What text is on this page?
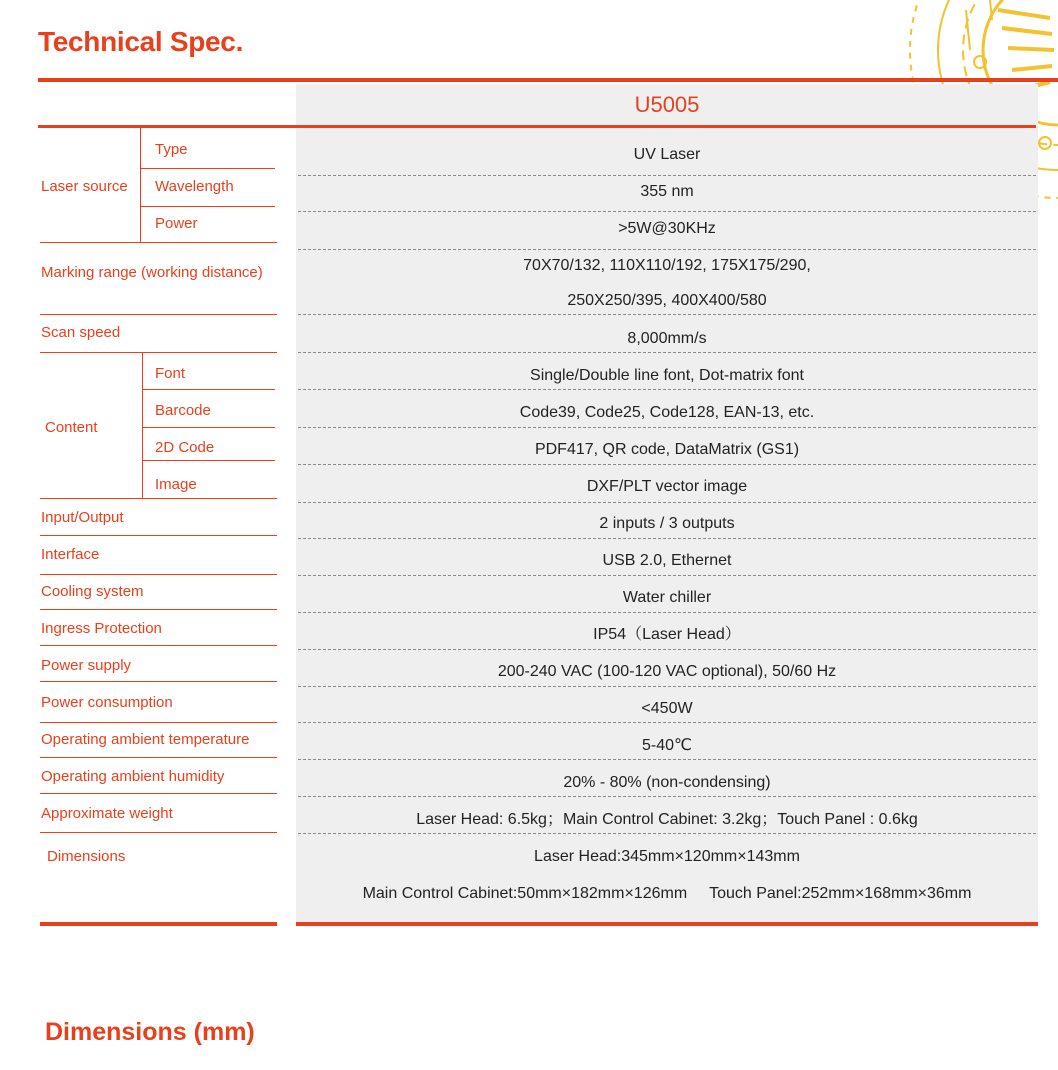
Technical Spec.
U5005
Laser source
Type
Wavelength
Power
Marking range (working distance)
Scan speed
Content
Font
Barcode
2D Code
Image
Input/Output
Interface
Cooling system
Ingress Protection
Power supply
Power consumption
Operating ambient temperature
Operating ambient humidity
Approximate weight
Dimensions
UV Laser
355 nm
>5W@30KHz
70X70/132, 110X110/192, 175X175/290,
250X250/395, 400X400/580
8,000mm/s
Single/Double line font, Dot-matrix font
Code39, Code25, Code128, EAN-13, etc.
PDF417, QR code, DataMatrix (GS1)
DXF/PLT vector image
2 inputs / 3 outputs
USB 2.0, Ethernet
Water chiller
IP54（Laser Head）
200-240 VAC (100-120 VAC optional), 50/60 Hz
<450W
5-40℃
20% - 80% (non-condensing)
Laser Head: 6.5kg；Main Control Cabinet: 3.2kg；Touch Panel : 0.6kg
Laser Head:345mm×120mm×143mm
Main Control Cabinet:50mm×182mm×126mm     Touch Panel:252mm×168mm×36mm
Dimensions (mm)
